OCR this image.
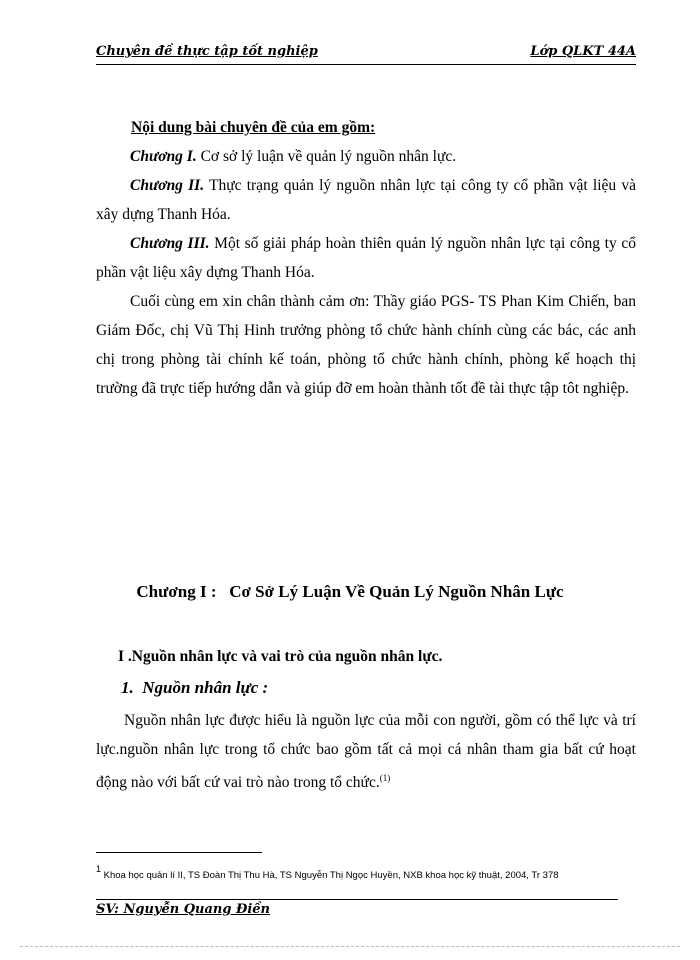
Chuyên đề thực tập tốt nghiệp	Lớp QLKT 44A

Nội dung bài chuyên đề của em gồm:

Chương I. Cơ sở lý luận về quản lý nguồn nhân lực.

Chương II. Thực trạng quản lý nguồn nhân lực tại công ty cổ phần vật liệu và xây dựng Thanh Hóa.

Chương III. Một số giải pháp hoàn thiên quản lý nguồn nhân lực tại công ty cổ phần vật liệu xây dựng Thanh Hóa.

Cuối cùng em xin chân thành cảm ơn: Thầy giáo PGS- TS Phan Kim Chiến, ban Giám Đốc, chị Vũ Thị Hinh trưởng phòng tổ chức hành chính cùng các bác, các anh chị trong phòng tài chính kế toán, phòng tổ chức hành chính, phòng kế hoạch thị trường đã trực tiếp hướng dẫn và giúp đỡ em hoàn thành tốt đề tài thực tập tôt nghiệp.

Chương I :   Cơ Sở Lý Luận Về Quản Lý Nguồn Nhân Lực
I .Nguồn nhân lực và vai trò của nguồn nhân lực.
1.  Nguồn nhân lực :

Nguồn nhân lực được hiểu là nguồn lực của mỗi con người, gồm có thể lực và trí lực.nguồn nhân lực trong tổ chức bao gồm tất cả mọi cá nhân tham gia bất cứ hoạt động nào với bất cứ vai trò nào trong tổ chức.$^{(1)}$

1 Khoa học quản lí II, TS Đoàn Thị Thu Hà, TS Nguyễn Thị Ngọc Huyền, NXB khoa học kỹ thuật, 2004, Tr 378
SV: Nguyễn Quang Điền
